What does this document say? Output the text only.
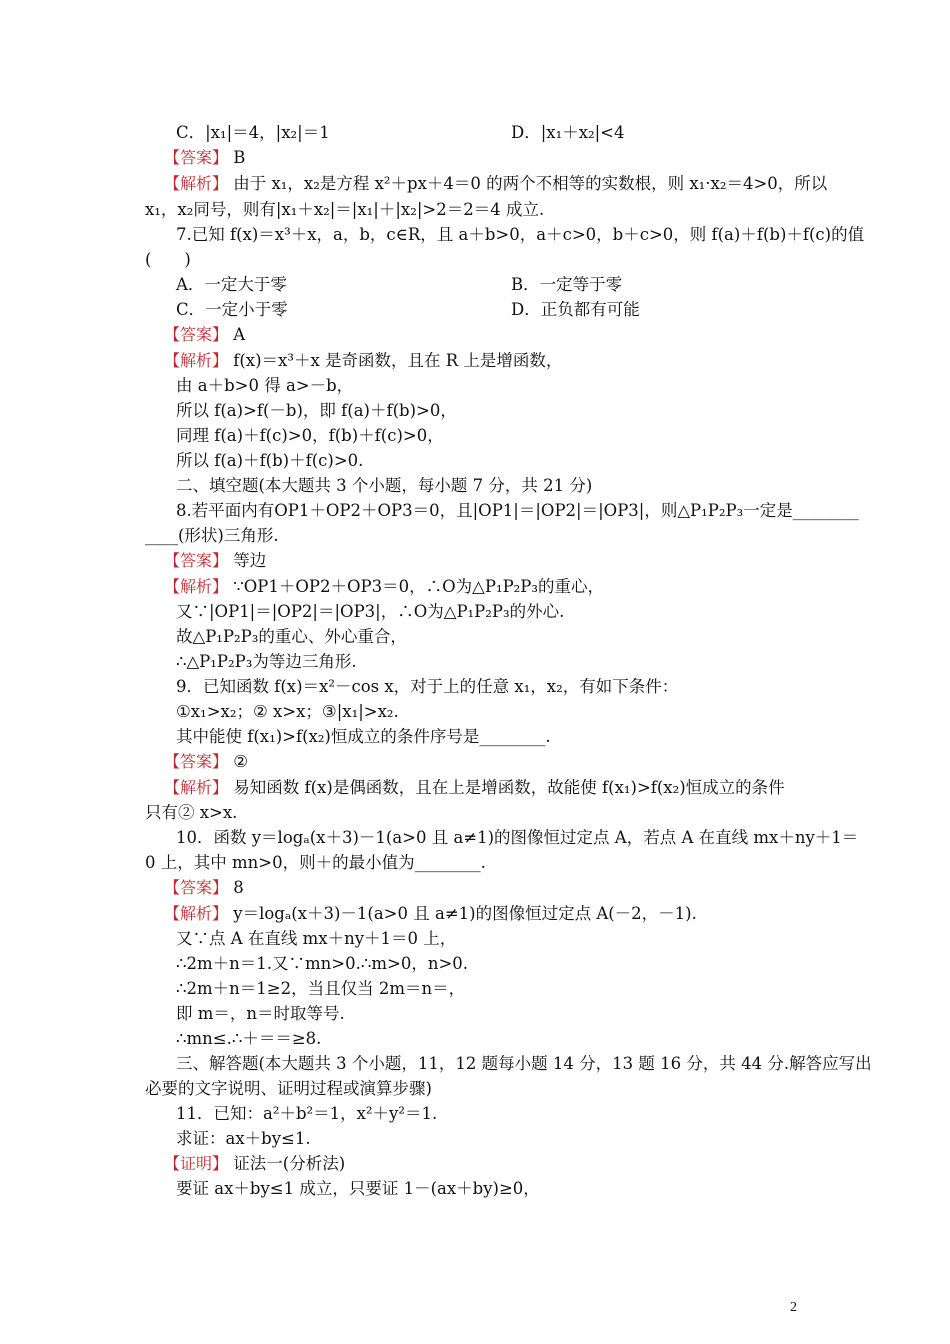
C．|x₁|＝4，|x₂|＝1	D．|x₁＋x₂|<4
【答案】 B
【解析】 由于 x₁，x₂是方程 x²＋px＋4＝0 的两个不相等的实数根，则 x₁·x₂＝4>0，所以
x₁，x₂同号，则有|x₁＋x₂|＝|x₁|＋|x₂|>2＝2＝4 成立.
7.已知 f(x)＝x³＋x，a，b，c∈R，且 a＋b>0，a＋c>0，b＋c>0，则 f(a)＋f(b)＋f(c)的值
(　　)
A．一定大于零	B．一定等于零
C．一定小于零	D．正负都有可能
【答案】 A
【解析】 f(x)＝x³＋x 是奇函数，且在 R 上是增函数，
由 a＋b>0 得 a>－b，
所以 f(a)>f(－b)，即 f(a)＋f(b)>0，
同理 f(a)＋f(c)>0，f(b)＋f(c)>0，
所以 f(a)＋f(b)＋f(c)>0.
二、填空题(本大题共 3 个小题，每小题 7 分，共 21 分)
8.若平面内有OP1＋OP2＋OP3＝0，且|OP1|＝|OP2|＝|OP3|，则△P₁P₂P₃一定是________
____(形状)三角形.
【答案】 等边
【解析】 ∵OP1＋OP2＋OP3＝0，∴O为△P₁P₂P₃的重心，
又∵|OP1|＝|OP2|＝|OP3|，∴O为△P₁P₂P₃的外心.
故△P₁P₂P₃的重心、外心重合，
∴△P₁P₂P₃为等边三角形.
9．已知函数 f(x)＝x²－cos x，对于上的任意 x₁，x₂，有如下条件：
①x₁>x₂；② x>x；③|x₁|>x₂.
其中能使 f(x₁)>f(x₂)恒成立的条件序号是________.
【答案】 ②
【解析】 易知函数 f(x)是偶函数，且在上是增函数，故能使 f(x₁)>f(x₂)恒成立的条件
只有② x>x.
10．函数 y＝logₐ(x＋3)－1(a>0 且 a≠1)的图像恒过定点 A，若点 A 在直线 mx＋ny＋1＝
0 上，其中 mn>0，则＋的最小值为________.
【答案】 8
【解析】 y＝logₐ(x＋3)－1(a>0 且 a≠1)的图像恒过定点 A(－2，－1).
又∵点 A 在直线 mx＋ny＋1＝0 上，
∴2m＋n＝1.又∵mn>0.∴m>0，n>0.
∴2m＋n＝1≥2，当且仅当 2m＝n＝，
即 m＝，n＝时取等号.
∴mn≤.∴＋＝＝≥8.
三、解答题(本大题共 3 个小题，11，12 题每小题 14 分，13 题 16 分，共 44 分.解答应写出
必要的文字说明、证明过程或演算步骤)
11．已知：a²＋b²＝1，x²＋y²＝1.
求证：ax＋by≤1.
【证明】 证法一(分析法)
要证 ax＋by≤1 成立，只要证 1－(ax＋by)≥0，
2
